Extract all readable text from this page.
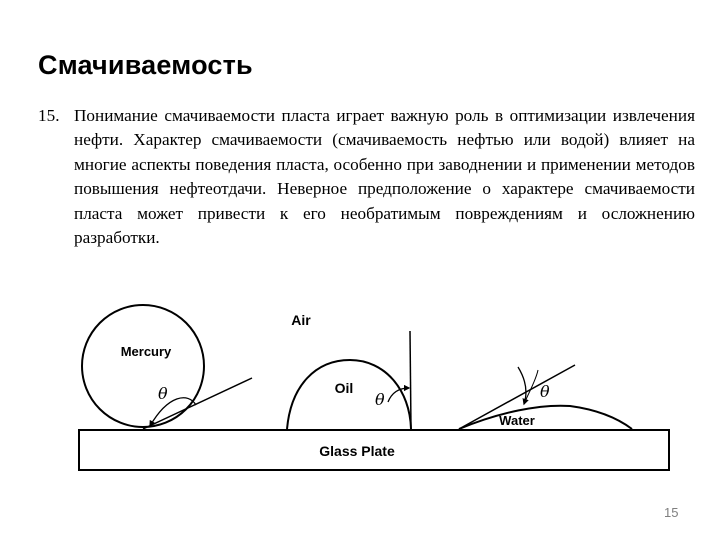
Смачиваемость
15. Понимание смачиваемости пласта играет важную роль в оптимизации извлечения нефти. Характер смачиваемости (смачиваемость нефтью или водой) влияет на многие аспекты поведения пласта, особенно при заводнении и применении методов повышения нефтеотдачи. Неверное предположение о характере смачиваемости пласта может привести к его необратимым повреждениям и осложнению разработки.
Glass Plate
Mercury
θ
Air
Oil
θ
Water
θ
15
